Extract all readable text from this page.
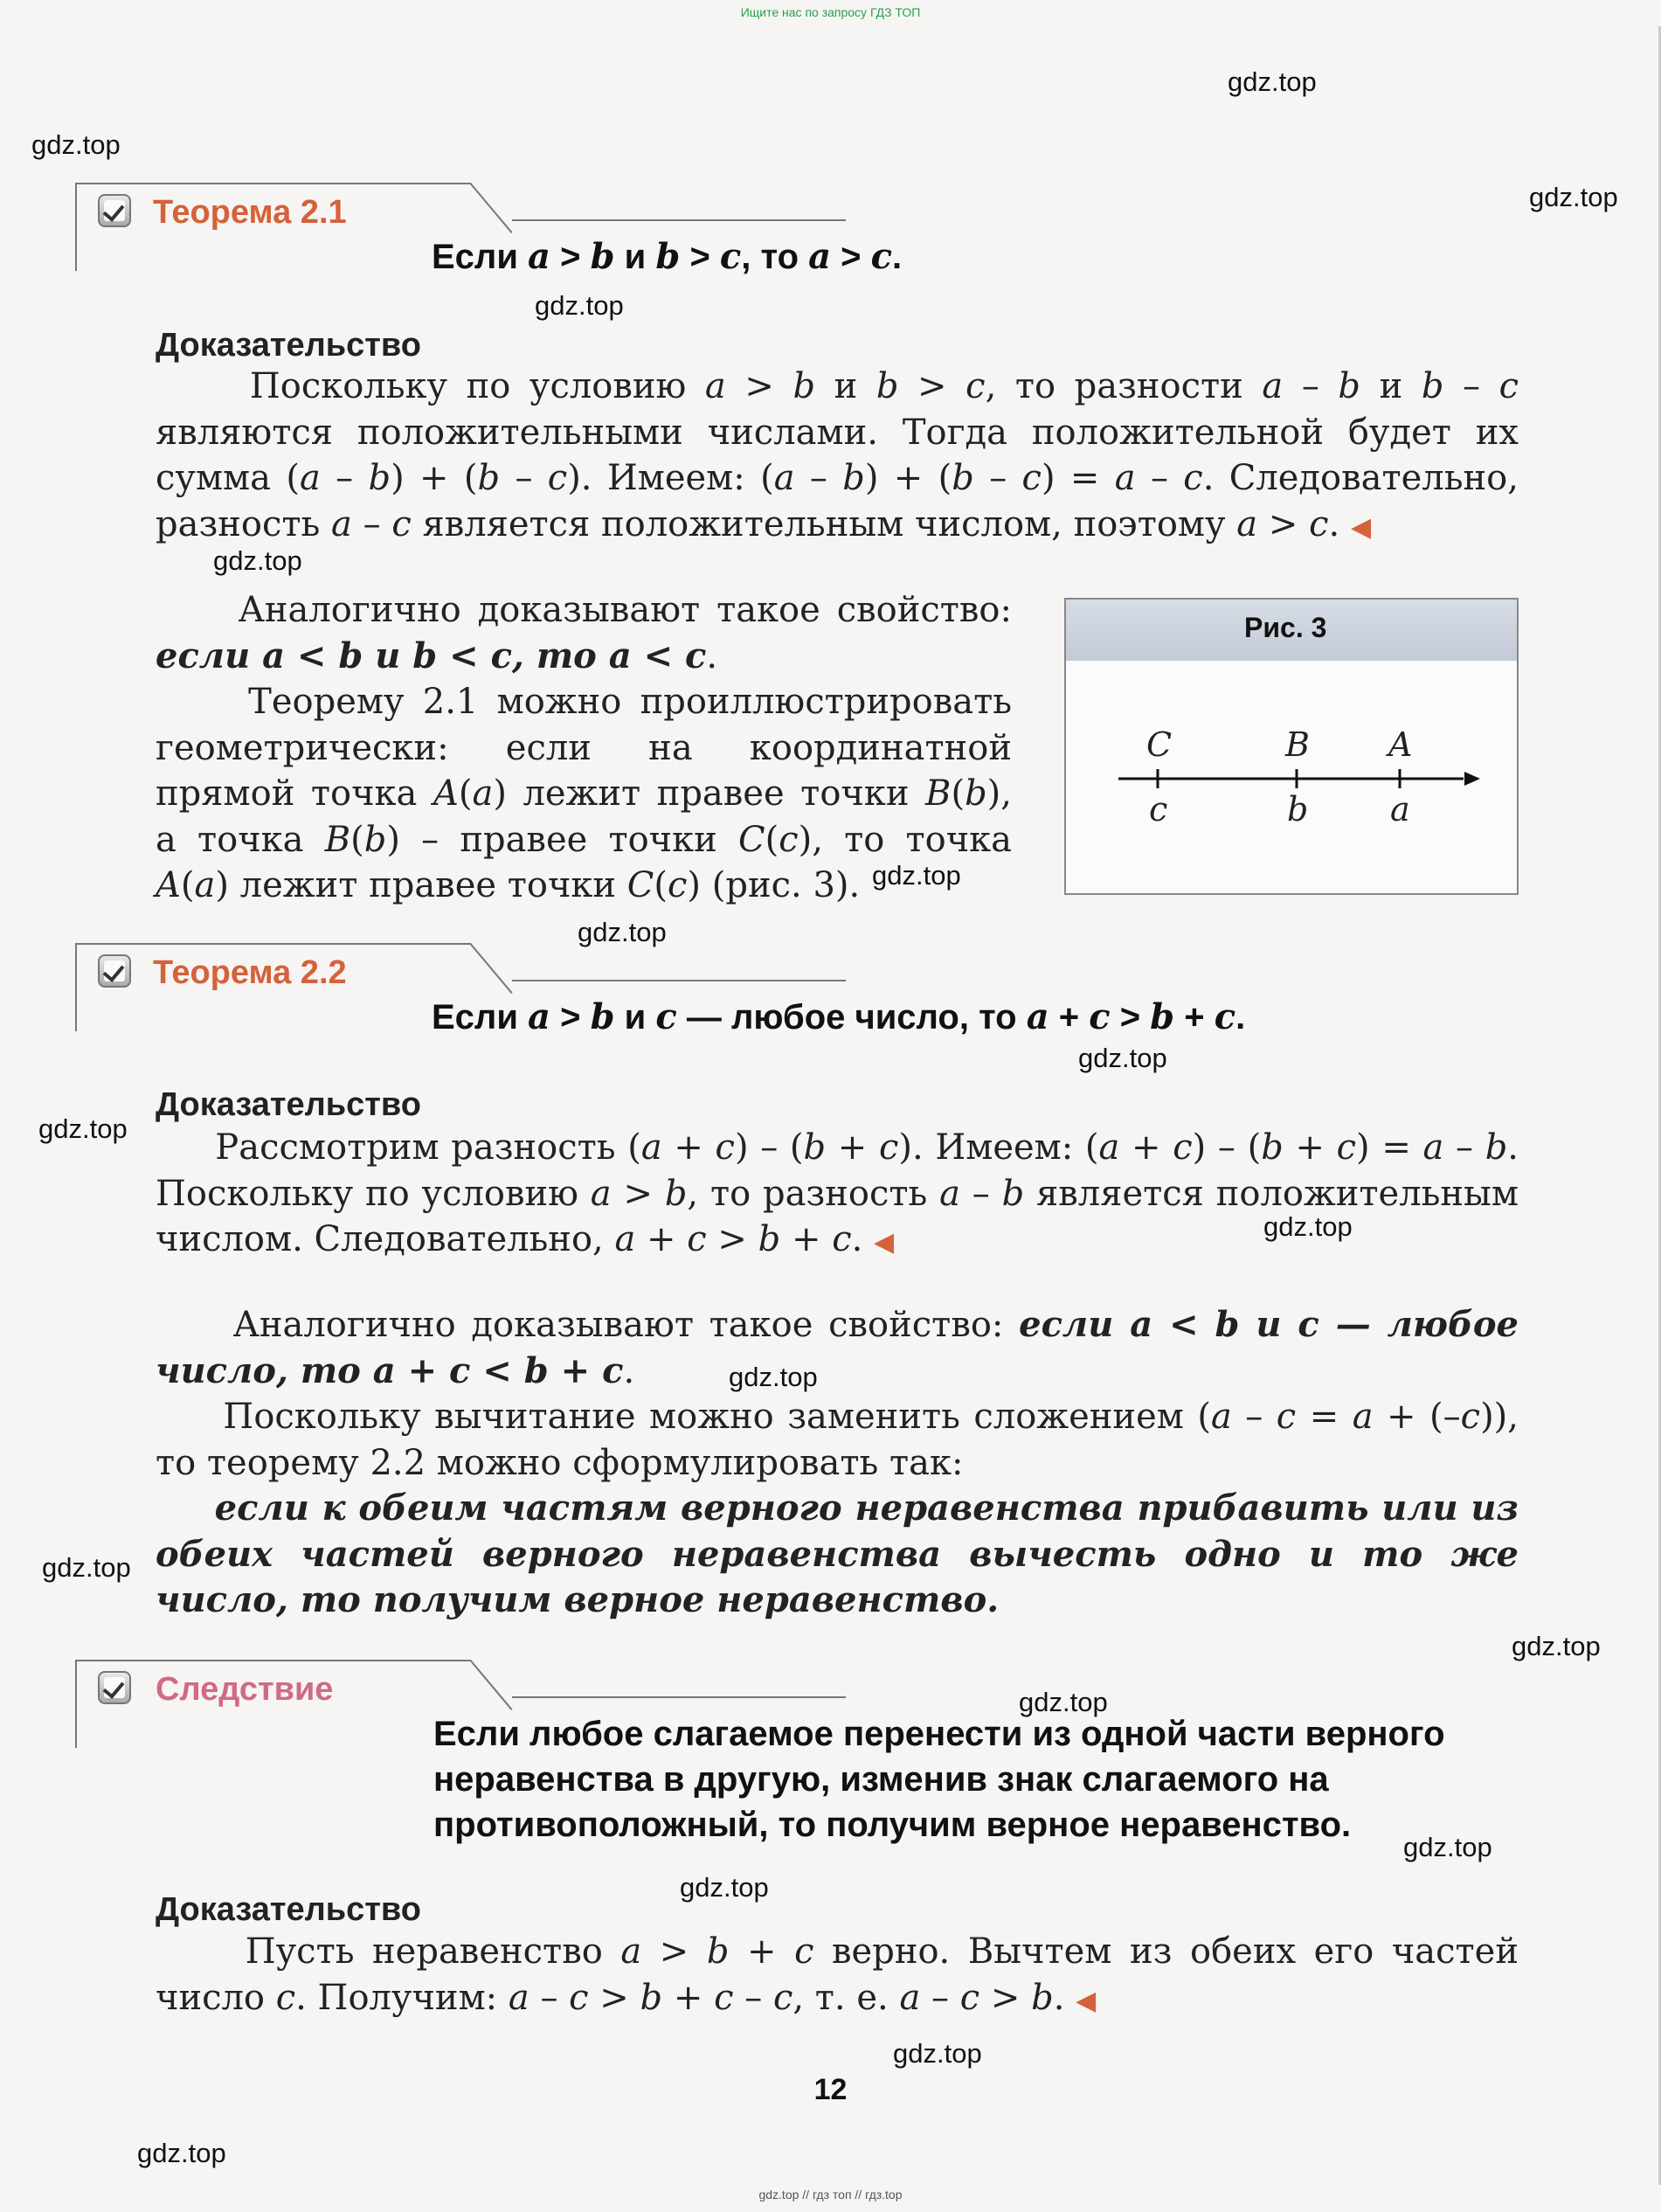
Ищите нас по запросу ГДЗ ТОП
gdz.top
gdz.top
gdz.top
gdz.top
gdz.top
gdz.top
gdz.top
gdz.top
gdz.top
gdz.top
gdz.top
gdz.top
gdz.top
gdz.top
gdz.top
gdz.top
gdz.top
gdz.top
Теорема 2.1
Если a > b и b > c, то a > c.
Доказательство
Поскольку по условию a > b и b > c, то разности a – b и b – c являются положительными числами. Тогда положительной будет их сумма (a – b) + (b – c). Имеем: (a – b) + (b – c) = a – c. Следовательно, разность a – c является положительным числом, поэтому a > c. ◀
Аналогично доказывают такое свойство: если a < b и b < c, то a < c.
Теорему 2.1 можно проиллюстрировать геометрически: если на координатной прямой точка A(a) лежит правее точки B(b), а точка B(b) – правее точки C(c), то точка A(a) лежит правее точки C(c) (рис. 3).
Рис. 3
C	B A
c	b a
Теорема 2.2
Если a > b и c — любое число, то a + c > b + c.
Доказательство
Рассмотрим разность (a + c) – (b + c). Имеем: (a + c) – (b + c) = a – b. Поскольку по условию a > b, то разность a – b является положительным числом. Следовательно, a + c > b + c. ◀
Аналогично доказывают такое свойство: если a < b и c — любое число, то a + c < b + c.
Поскольку вычитание можно заменить сложением (a – c = a + (–c)), то теорему 2.2 можно сформулировать так:
если к обеим частям верного неравенства прибавить или из обеих частей верного неравенства вычесть одно и то же число, то получим верное неравенство.
Следствие
Если любое слагаемое перенести из одной части верного неравенства в другую, изменив знак слагаемого на противоположный, то получим верное неравенство.
Доказательство
Пусть неравенство a > b + c верно. Вычтем из обеих его частей число c. Получим: a – c > b + c – c, т. е. a – c > b. ◀
12
gdz.top // гдз топ // гдз.top
